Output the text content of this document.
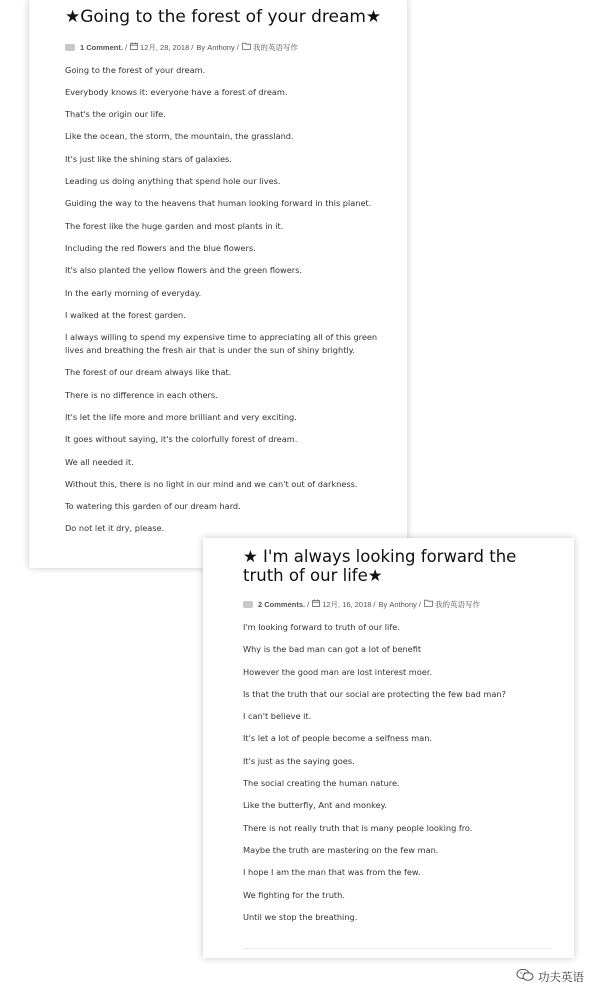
★Going to the forest of your dream★
1 Comment. / 12月, 28, 2018 / By
Anthony / 我的英语写作
Going to the forest of your dream.
Everybody knows it: everyone have a forest of dream.
That's the origin our life.
Like the ocean, the storm, the mountain, the grassland.
It's just like the shining stars of galaxies.
Leading us doing anything that spend hole our lives.
Guiding the way to the heavens that human looking forward in this planet.
The forest like the huge garden and most plants in it.
Including the red flowers and the blue flowers.
It's also planted the yellow flowers and the green flowers.
In the early morning of everyday.
I walked at the forest garden.
I always willing to spend my expensive time to appreciating all of this green lives and breathing the fresh air that is under the sun of shiny brightly.
The forest of our dream always like that.
There is no difference in each others.
It's let the life more and more brilliant and very exciting.
It goes without saying, it's the colorfully forest of dream.
We all needed it.
Without this, there is no light in our mind and we can't out of darkness.
To watering this garden of our dream hard.
Do not let it dry, please.
★ I'm always looking forward the truth of our life★
2 Comments. / 12月, 16, 2018 / By
Anthony / 我的英语写作
I'm looking forward to truth of our life.
Why is the bad man can got a lot of benefit
However the good man are lost interest moer.
Is that the truth that our social are protecting the few bad man?
I can't believe it.
It's let a lot of people become a selfness man.
It's just as the saying goes.
The social creating the human nature.
Like the butterfly, Ant and monkey.
There is not really truth that is many people looking fro.
Maybe the truth are mastering on the few man.
I hope I am the man that was from the few.
We fighting for the truth.
Until we stop the breathing.
功夫英语
